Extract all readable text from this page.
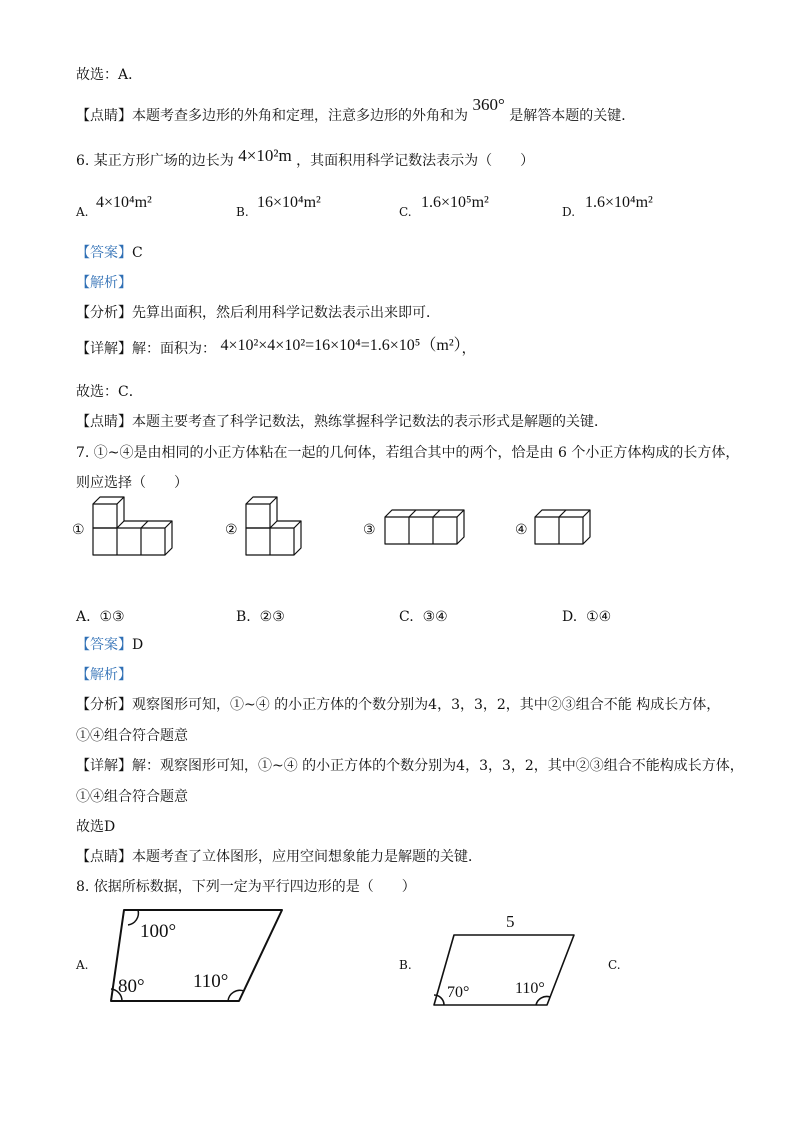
故选：A．
【点睛】本题考查多边形的外角和定理，注意多边形的外角和为 360° 是解答本题的关键．
6. 某正方形广场的边长为 4×10²m ，其面积用科学记数法表示为（　　）
A.
4×10⁴m²
B.
16×10⁴m²
C.
1.6×10⁵m²
D.
1.6×10⁴m²
【答案】C
【解析】
【分析】先算出面积，然后利用科学记数法表示出来即可．
【详解】解：面积为： 4×10²×4×10²=16×10⁴=1.6×10⁵（m²），
故选：C．
【点睛】本题主要考查了科学记数法，熟练掌握科学记数法的表示形式是解题的关键．
7. ①~④是由相同的小正方体粘在一起的几何体，若组合其中的两个，恰是由 6 个小正方体构成的长方体，
则应选择（　　）
①	②	③	④
A. ①③	B. ②③	C. ③④	D. ①④
【答案】D
【解析】
【分析】观察图形可知，①~④ 的小正方体的个数分别为4，3，3，2，其中②③组合不能 构成长方体，
①④组合符合题意
【详解】解：观察图形可知，①~④ 的小正方体的个数分别为4，3，3，2，其中②③组合不能构成长方体，
①④组合符合题意
故选D
【点睛】本题考查了立体图形，应用空间想象能力是解题的关键．
8. 依据所标数据，下列一定为平行四边形的是（　　）
100°
80°	110°
5
70°	110°
A.	B.	C.
